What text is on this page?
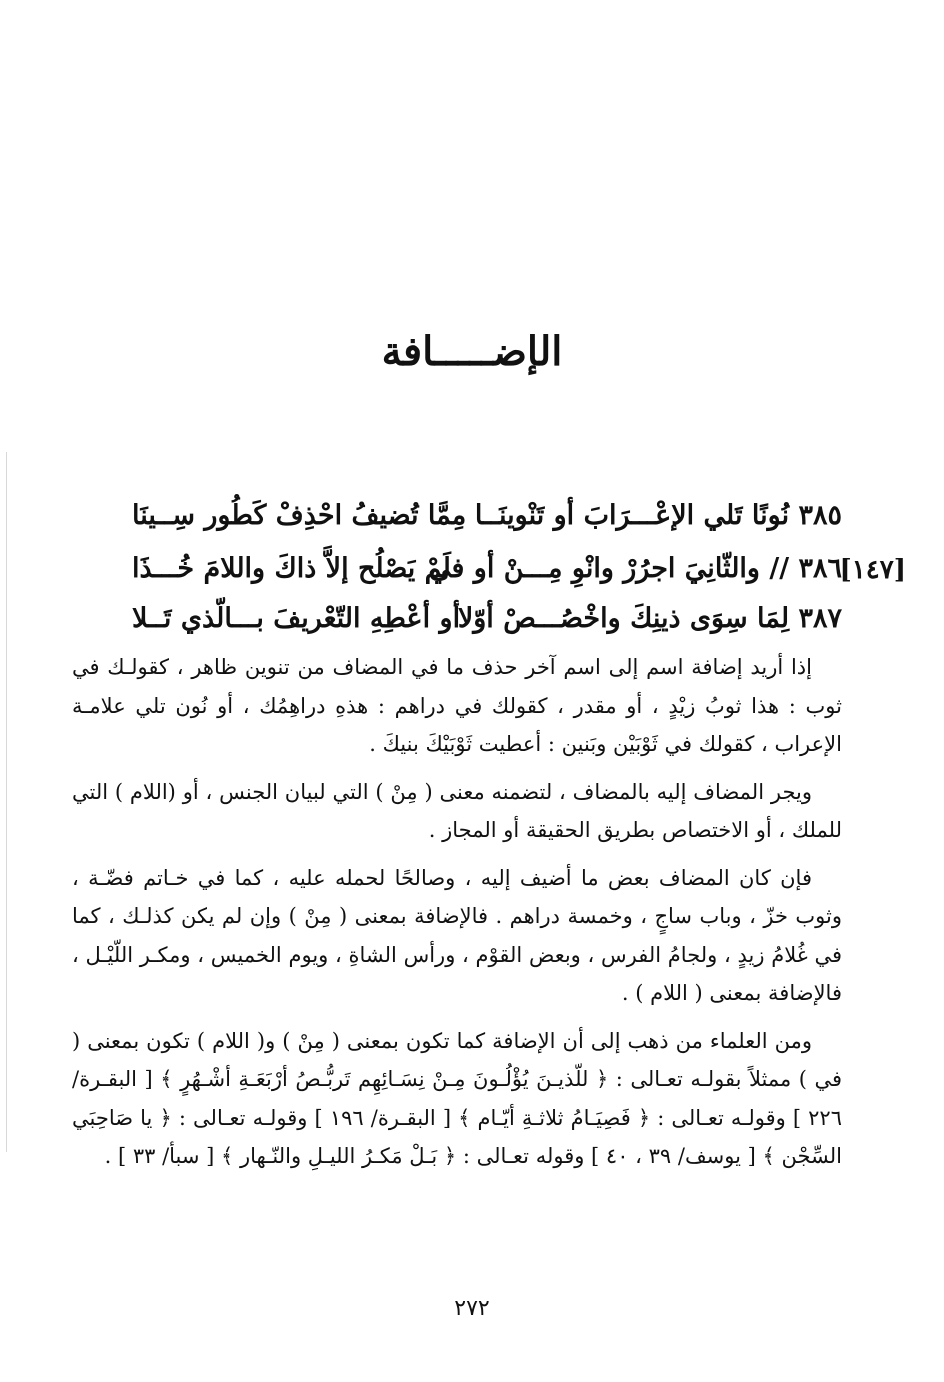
الإضـــــافة
٣٨٥ نُونًا تَلي الإعْـــرَابَ أو تَنْوينَــا
مِمَّا تُضيفُ احْذِفْ كَطُور سِــينَا
٣٨٦ // والثّانِيَ اجرُرْ وانْوِ مِـــنْ أو في
لَمْ يَصْلُح إلاَّ ذاكَ واللامَ خُـــذَا	[١٤٧]
٣٨٧ لِمَا سِوَى ذينِكَ واخْصُـــصْ أوّلا
أو أعْطِهِ التّعْريفَ بـــالّذي تَــلا

إذا أريد إضافة اسم إلى اسم آخر حذف ما في المضاف من تنوين ظاهر ، كقولـك في ثوب : هذا ثوبُ زيْدٍ ، أو مقدر ، كقولك في دراهم : هذهِ دراهِمُك ، أو نُون تلي علامـة الإعراب ، كقولك في ثَوْبَيْن وبَنين : أعطيت ثَوْبَيْكَ بنيكَ .

ويجر المضاف إليه بالمضاف ، لتضمنه معنى ( مِنْ ) التي لبيان الجنس ، أو (اللام ) التي للملك ، أو الاختصاص بطريق الحقيقة أو المجاز .

فإن كان المضاف بعض ما أضيف إليه ، وصالحًا لحمله عليه ، كما في خـاتم فضّـة ، وثوب خزّ ، وباب ساجٍ ، وخمسة دراهم . فالإضافة بمعنى ( مِنْ ) وإن لم يكن كذلـك ، كما في غُلامُ زيدٍ ، ولجامُ الفرس ، وبعض القوْم ، ورأس الشاةِ ، ويوم الخميس ، ومكـر اللّيْـل ، فالإضافة بمعنى ( اللام ) .

ومن العلماء من ذهب إلى أن الإضافة كما تكون بمعنى ( مِنْ ) و( اللام ) تكون بمعنى ( في ) ممثلاً بقولـه تعـالى : ﴿ للّذيـنَ يُؤْلُـونَ مِـنْ نِسَـائِهِم تَربُّـصُ أرْبَعَـةِ أشْـهُرٍ ﴾ [ البقـرة/ ٢٢٦ ] وقولـه تعـالى : ﴿ فَصِيَـامُ ثلاثـةِ أيّـام ﴾ [ البقـرة/ ١٩٦ ] وقولـه تعـالى : ﴿ يا صَاحِبَي السِّجْن ﴾ [ يوسف/ ٣٩ ، ٤٠ ] وقوله تعـالى : ﴿ بَـلْ مَكـرُ الليـلِ والنّـهار ﴾ [ سبأ/ ٣٣ ] .

٢٧٢
